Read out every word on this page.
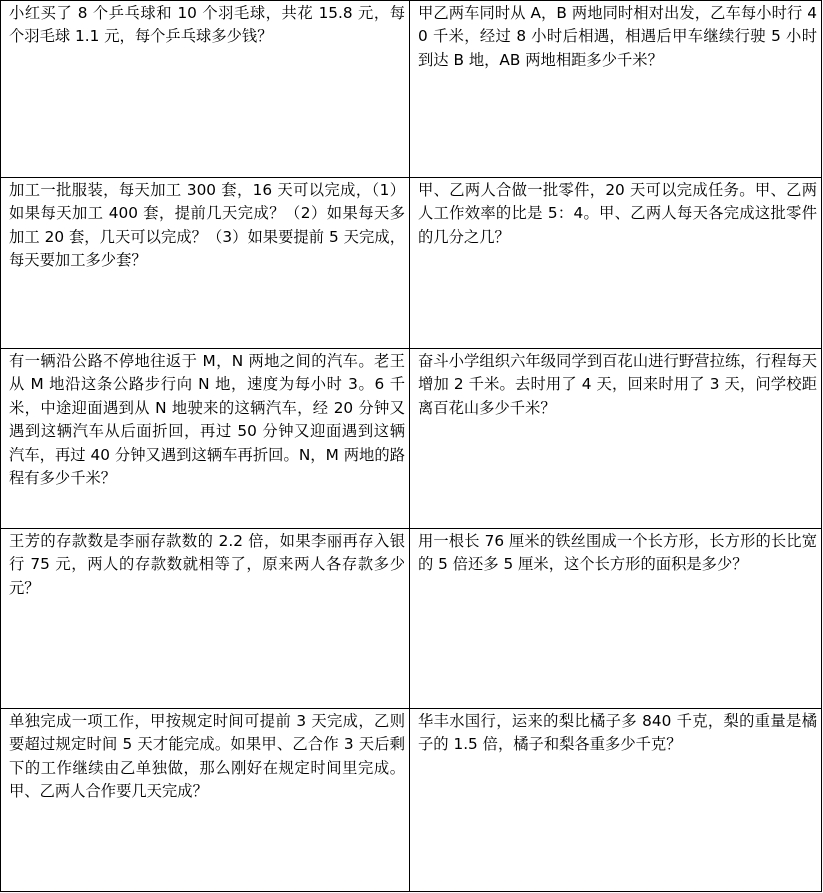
小红买了 8 个乒乓球和 10 个羽毛球，共花 15.8 元，每个羽毛球 1.1 元，每个乒乓球多少钱？	甲乙两车同时从 A，B 两地同时相对出发，乙车每小时行 40 千米，经过 8 小时后相遇，相遇后甲车继续行驶 5 小时到达 B 地，AB 两地相距多少千米？
加工一批服装，每天加工 300 套，16 天可以完成，（1）如果每天加工 400 套，提前几天完成？（2）如果每天多加工 20 套，几天可以完成？（3）如果要提前 5 天完成，每天要加工多少套？	甲、乙两人合做一批零件，20 天可以完成任务。甲、乙两人工作效率的比是 5：4。甲、乙两人每天各完成这批零件的几分之几？
有一辆沿公路不停地往返于 M，N 两地之间的汽车。老王从 M 地沿这条公路步行向 N 地，速度为每小时 3。6 千米，中途迎面遇到从 N 地驶来的这辆汽车，经 20 分钟又遇到这辆汽车从后面折回，再过 50 分钟又迎面遇到这辆汽车，再过 40 分钟又遇到这辆车再折回。N，M 两地的路程有多少千米？	奋斗小学组织六年级同学到百花山进行野营拉练，行程每天增加 2 千米。去时用了 4 天，回来时用了 3 天，问学校距离百花山多少千米？
王芳的存款数是李丽存款数的 2.2 倍，如果李丽再存入银行 75 元，两人的存款数就相等了，原来两人各存款多少元？	用一根长 76 厘米的铁丝围成一个长方形，长方形的长比宽的 5 倍还多 5 厘米，这个长方形的面积是多少？
单独完成一项工作，甲按规定时间可提前 3 天完成，乙则要超过规定时间 5 天才能完成。如果甲、乙合作 3 天后剩下的工作继续由乙单独做，那么刚好在规定时间里完成。甲、乙两人合作要几天完成？	华丰水国行，运来的梨比橘子多 840 千克，梨的重量是橘子的 1.5 倍，橘子和梨各重多少千克？
